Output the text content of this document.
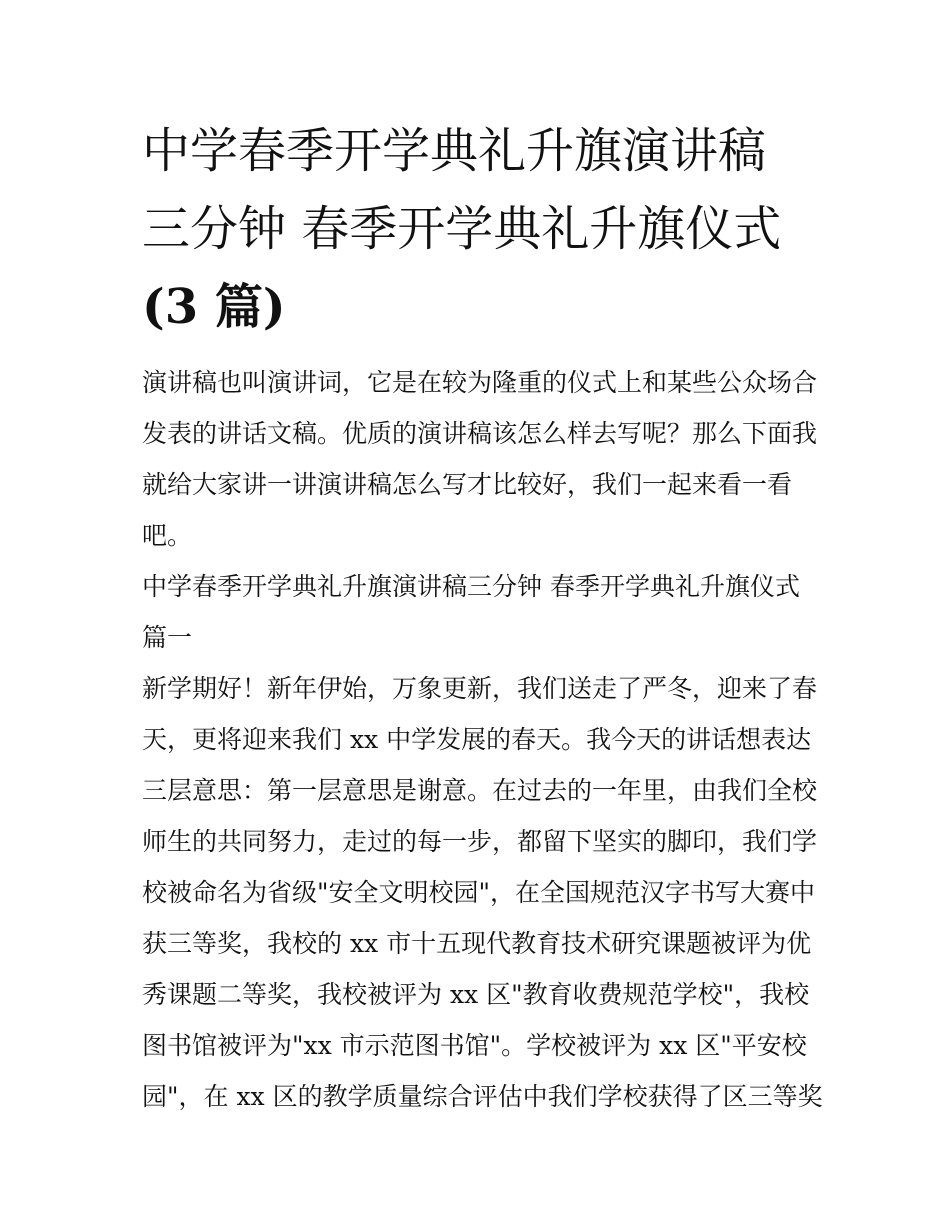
中学春季开学典礼升旗演讲稿
三分钟 春季开学典礼升旗仪式
(3 篇)
演讲稿也叫演讲词，它是在较为隆重的仪式上和某些公众场合
发表的讲话文稿。优质的演讲稿该怎么样去写呢？那么下面我
就给大家讲一讲演讲稿怎么写才比较好，我们一起来看一看
吧。
中学春季开学典礼升旗演讲稿三分钟 春季开学典礼升旗仪式
篇一
新学期好！新年伊始，万象更新，我们送走了严冬，迎来了春
天，更将迎来我们 xx 中学发展的春天。我今天的讲话想表达
三层意思：第一层意思是谢意。在过去的一年里，由我们全校
师生的共同努力，走过的每一步，都留下坚实的脚印，我们学
校被命名为省级"安全文明校园"，在全国规范汉字书写大赛中
获三等奖，我校的 xx 市十五现代教育技术研究课题被评为优
秀课题二等奖，我校被评为 xx 区"教育收费规范学校"，我校
图书馆被评为"xx 市示范图书馆"。学校被评为 xx 区"平安校
园"，在 xx 区的教学质量综合评估中我们学校获得了区三等奖
